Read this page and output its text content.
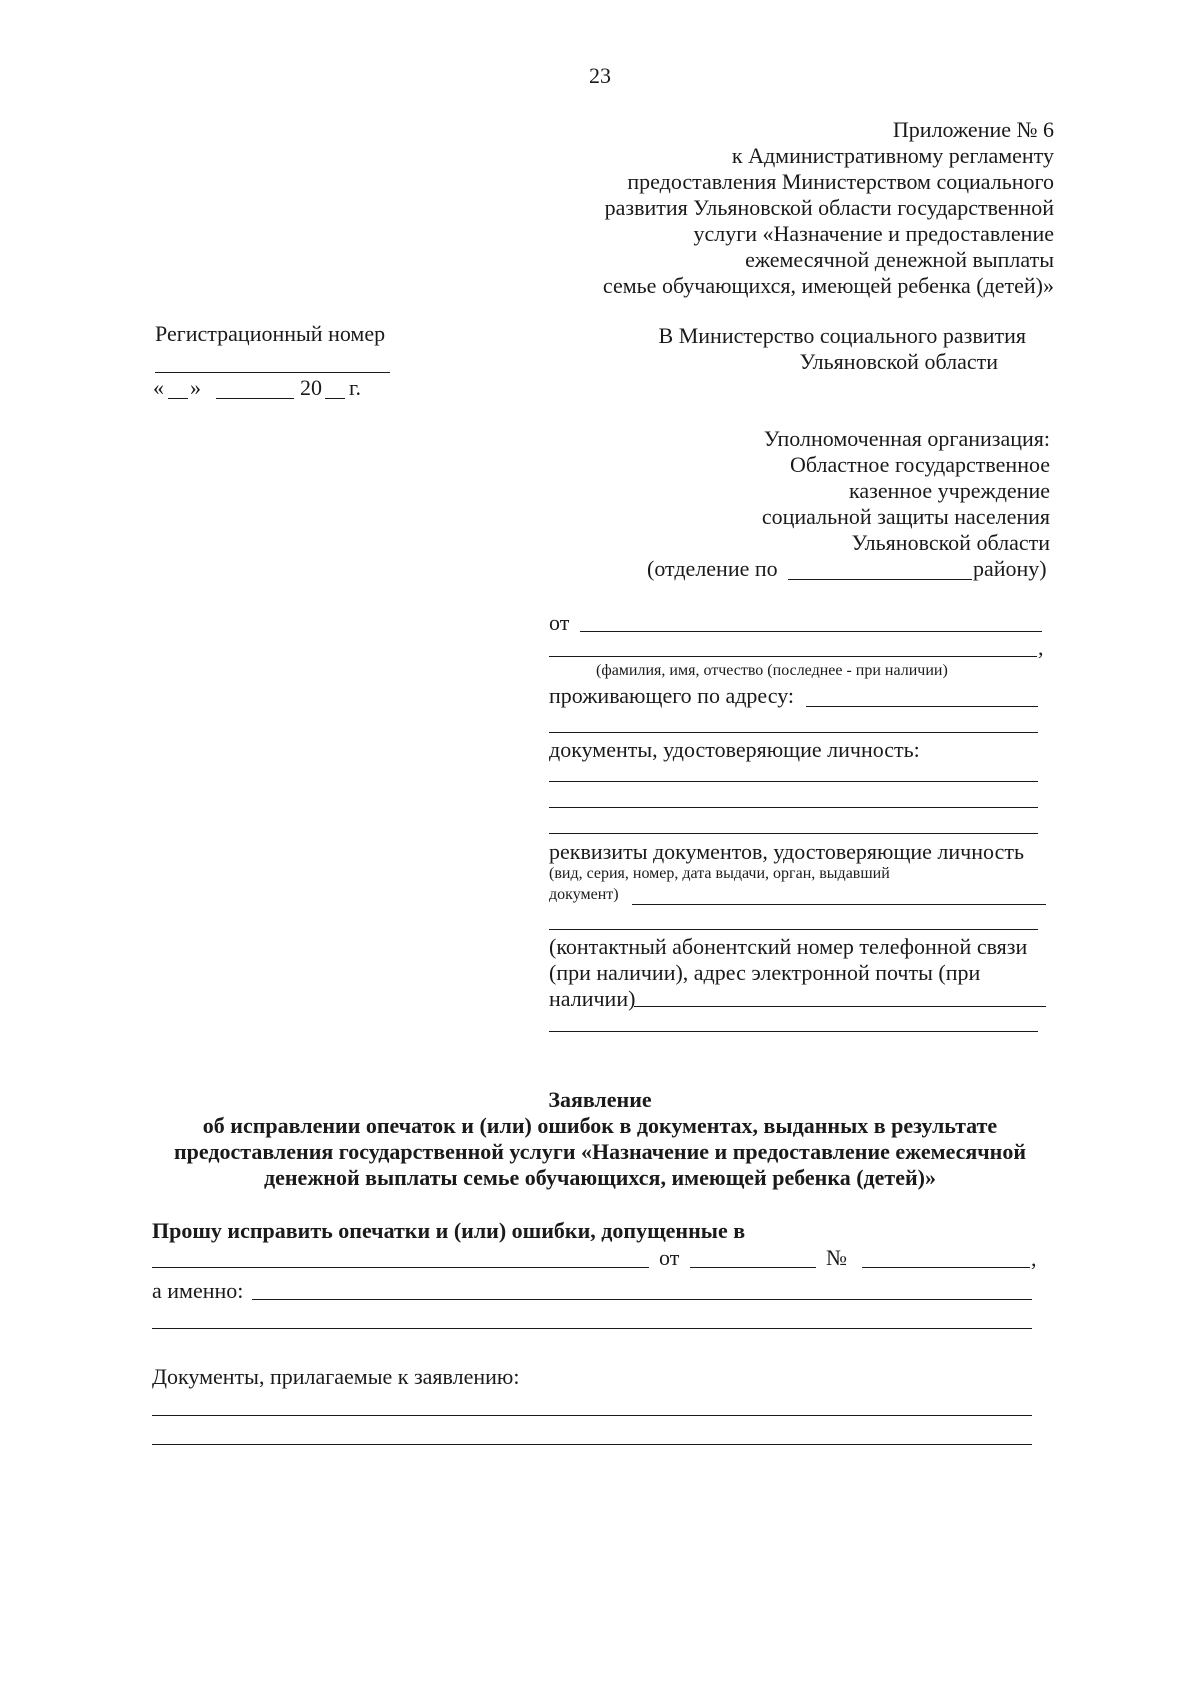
23
Приложение № 6
к Административному регламенту
предоставления Министерством социального
развития Ульяновской области государственной
услуги «Назначение и предоставление
ежемесячной денежной выплаты
семье обучающихся, имеющей ребенка (детей)»
Регистрационный номер
« »	20 г.
В Министерство социального развития
Ульяновской области
Уполномоченная организация:
Областное государственное
казенное учреждение
социальной защиты населения
Ульяновской области
(отделение по	району)
от
,
(фамилия, имя, отчество (последнее - при наличии)
проживающего по адресу:
документы, удостоверяющие личность:
реквизиты документов, удостоверяющие личность
(вид, серия, номер, дата выдачи, орган, выдавший
документ)
(контактный абонентский номер телефонной связи
(при наличии), адрес электронной почты (при
наличии)
Заявление
об исправлении опечаток и (или) ошибок в документах, выданных в результате
предоставления государственной услуги «Назначение и предоставление ежемесячной
денежной выплаты семье обучающихся, имеющей ребенка (детей)»
Прошу исправить опечатки и (или) ошибки, допущенные в
от	№	,
а именно:
Документы, прилагаемые к заявлению:
